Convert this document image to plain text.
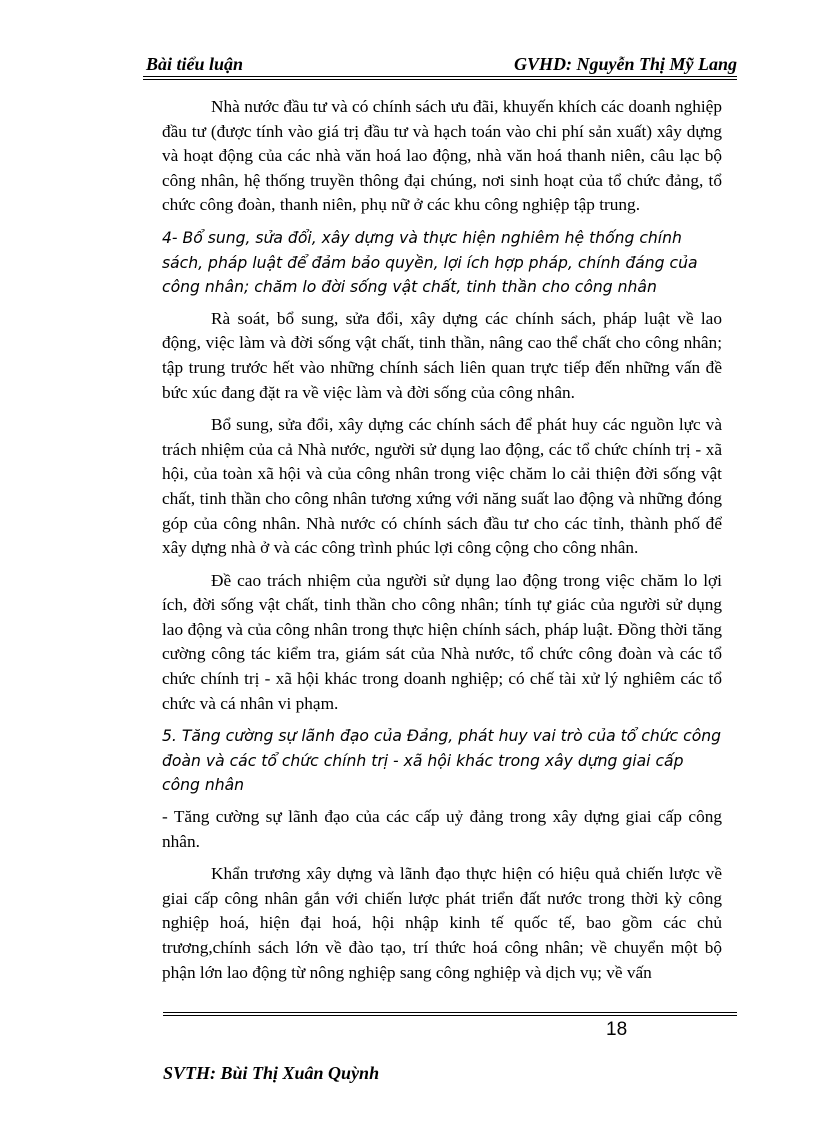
Bài tiểu luận	GVHD: Nguyễn Thị Mỹ Lang

Nhà nước đầu tư và có chính sách ưu đãi, khuyến khích các doanh nghiệp đầu tư (được tính vào giá trị đầu tư và hạch toán vào chi phí sản xuất) xây dựng và hoạt động của các nhà văn hoá lao động, nhà văn hoá thanh niên, câu lạc bộ công nhân, hệ thống truyền thông đại chúng, nơi sinh hoạt của tổ chức đảng, tổ chức công đoàn, thanh niên, phụ nữ ở các khu công nghiệp tập trung.

4- Bổ sung, sửa đổi, xây dựng và thực hiện nghiêm hệ thống chính sách, pháp luật để đảm bảo quyền, lợi ích hợp pháp, chính đáng của công nhân; chăm lo đời sống vật chất, tinh thần cho công nhân

Rà soát, bổ sung, sửa đổi, xây dựng các chính sách, pháp luật về lao động, việc làm và đời sống vật chất, tinh thần, nâng cao thể chất cho công nhân; tập trung trước hết vào những chính sách liên quan trực tiếp đến những vấn đề bức xúc đang đặt ra về việc làm và đời sống của công nhân.

Bổ sung, sửa đổi, xây dựng các chính sách để phát huy các nguồn lực và trách nhiệm của cả Nhà nước, người sử dụng lao động, các tổ chức chính trị - xã hội, của toàn xã hội và của công nhân trong việc chăm lo cải thiện đời sống vật chất, tinh thần cho công nhân tương xứng với năng suất lao động và những đóng góp của công nhân. Nhà nước có chính sách đầu tư cho các tỉnh, thành phố để xây dựng nhà ở và các công trình phúc lợi công cộng cho công nhân.

Đề cao trách nhiệm của người sử dụng lao động trong việc chăm lo lợi ích, đời sống vật chất, tinh thần cho công nhân; tính tự giác của người sử dụng lao động và của công nhân trong thực hiện chính sách, pháp luật. Đồng thời tăng cường công tác kiểm tra, giám sát của Nhà nước, tổ chức công đoàn và các tổ chức chính trị - xã hội khác trong doanh nghiệp; có chế tài xử lý nghiêm các tổ chức và cá nhân vi phạm.

5. Tăng cường sự lãnh đạo của Đảng, phát huy vai trò của tổ chức công đoàn và các tổ chức chính trị - xã hội khác trong xây dựng giai cấp công nhân

- Tăng cường sự lãnh đạo của các cấp uỷ đảng trong xây dựng giai cấp công nhân.

Khẩn trương xây dựng và lãnh đạo thực hiện có hiệu quả chiến lược về giai cấp công nhân gắn với chiến lược phát triển đất nước trong thời kỳ công nghiệp hoá, hiện đại hoá, hội nhập kinh tế quốc tế, bao gồm các chủ trương,chính sách lớn về đào tạo, trí thức hoá công nhân; về chuyển một bộ phận lớn lao động từ nông nghiệp sang công nghiệp và dịch vụ; về vấn

18
SVTH: Bùi Thị Xuân Quỳnh
